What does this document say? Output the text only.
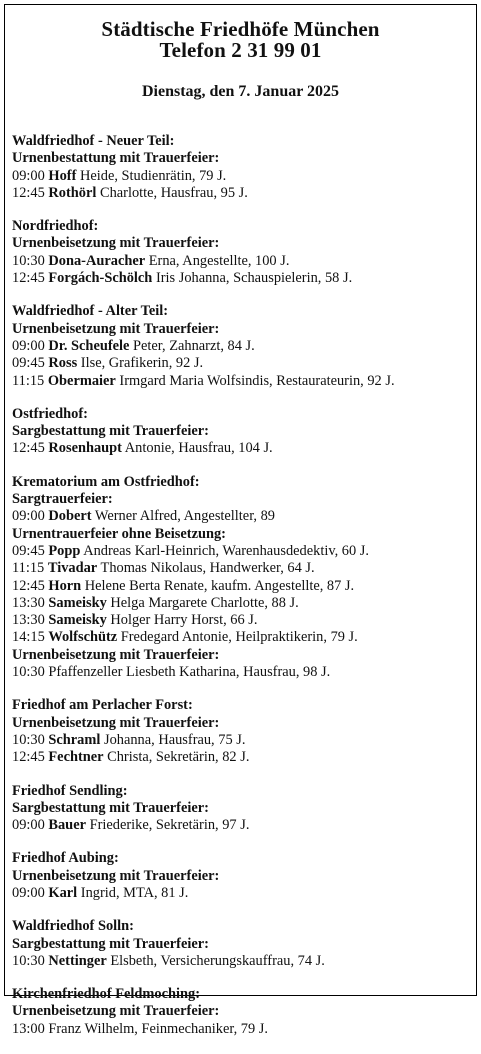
Städtische Friedhöfe München
Telefon 2 31 99 01
Dienstag, den 7. Januar 2025
Waldfriedhof - Neuer Teil:
Urnenbestattung mit Trauerfeier:
09:00 Hoff Heide, Studienrätin, 79 J.
12:45 Rothörl Charlotte, Hausfrau, 95 J.
Nordfriedhof:
Urnenbeisetzung mit Trauerfeier:
10:30 Dona-Auracher Erna, Angestellte, 100 J.
12:45 Forgách-Schölch Iris Johanna, Schauspielerin, 58 J.
Waldfriedhof - Alter Teil:
Urnenbeisetzung mit Trauerfeier:
09:00 Dr. Scheufele Peter, Zahnarzt, 84 J.
09:45 Ross Ilse, Grafikerin, 92 J.
11:15 Obermaier Irmgard Maria Wolfsindis, Restaurateurin, 92 J.
Ostfriedhof:
Sargbestattung mit Trauerfeier:
12:45 Rosenhaupt Antonie, Hausfrau, 104 J.
Krematorium am Ostfriedhof:
Sargtrauerfeier:
09:00 Dobert Werner Alfred, Angestellter, 89
Urnentrauerfeier ohne Beisetzung:
09:45 Popp Andreas Karl-Heinrich, Warenhausdedektiv, 60 J.
11:15 Tivadar Thomas Nikolaus, Handwerker, 64 J.
12:45 Horn Helene Berta Renate, kaufm. Angestellte, 87 J.
13:30 Sameisky Helga Margarete Charlotte, 88 J.
13:30 Sameisky Holger Harry Horst, 66 J.
14:15 Wolfschütz Fredegard Antonie, Heilpraktikerin, 79 J.
Urnenbeisetzung mit Trauerfeier:
10:30 Pfaffenzeller Liesbeth Katharina, Hausfrau, 98 J.
Friedhof am Perlacher Forst:
Urnenbeisetzung mit Trauerfeier:
10:30 Schraml Johanna, Hausfrau, 75 J.
12:45 Fechtner Christa, Sekretärin, 82 J.
Friedhof Sendling:
Sargbestattung mit Trauerfeier:
09:00 Bauer Friederike, Sekretärin, 97 J.
Friedhof Aubing:
Urnenbeisetzung mit Trauerfeier:
09:00 Karl Ingrid, MTA, 81 J.
Waldfriedhof Solln:
Sargbestattung mit Trauerfeier:
10:30 Nettinger Elsbeth, Versicherungskauffrau, 74 J.
Kirchenfriedhof Feldmoching:
Urnenbeisetzung mit Trauerfeier:
13:00 Franz Wilhelm, Feinmechaniker, 79 J.
